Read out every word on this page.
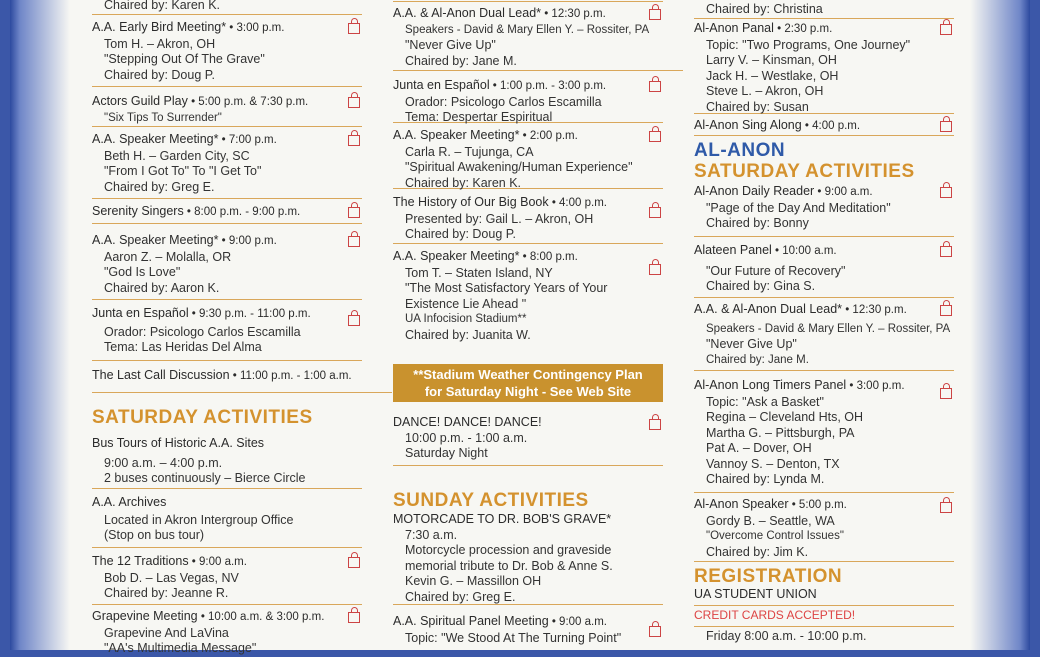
Chaired by: Karen K.
A.A. Early Bird Meeting* • 3:00 p.m.
Tom H. – Akron, OH
"Stepping Out Of The Grave"
Chaired by: Doug P.
Actors Guild Play • 5:00 p.m. & 7:30 p.m.
"Six Tips To Surrender"
A.A. Speaker Meeting* • 7:00 p.m.
Beth H. – Garden City, SC
"From I Got To" To "I Get To"
Chaired by: Greg E.
Serenity Singers • 8:00 p.m. - 9:00 p.m.
A.A. Speaker Meeting* • 9:00 p.m.
Aaron Z. – Molalla, OR
"God Is Love"
Chaired by: Aaron K.
Junta en Español • 9:30 p.m. - 11:00 p.m.
Orador: Psicologo Carlos Escamilla
Tema: Las Heridas Del Alma
The Last Call Discussion • 11:00 p.m. - 1:00 a.m.
SATURDAY ACTIVITIES
Bus Tours of Historic A.A. Sites
9:00 a.m. – 4:00 p.m.
2 buses continuously – Bierce Circle
A.A. Archives
Located in Akron Intergroup Office
(Stop on bus tour)
The 12 Traditions • 9:00 a.m.
Bob D. – Las Vegas, NV
Chaired by: Jeanne R.
Grapevine Meeting • 10:00 a.m. & 3:00 p.m.
Grapevine And LaVina
"AA's Multimedia Message"
A.A. & Al-Anon Dual Lead* • 12:30 p.m.
Speakers - David & Mary Ellen Y. – Rossiter, PA
"Never Give Up"
Chaired by: Jane M.
Junta en Español • 1:00 p.m. - 3:00 p.m.
Orador: Psicologo Carlos Escamilla
Tema: Despertar Espiritual
A.A. Speaker Meeting* • 2:00 p.m.
Carla R. – Tujunga, CA
"Spiritual Awakening/Human Experience"
Chaired by: Karen K.
The History of Our Big Book • 4:00 p.m.
Presented by: Gail L. – Akron, OH
Chaired by: Doug P.
A.A. Speaker Meeting* • 8:00 p.m.
Tom T. – Staten Island, NY
"The Most Satisfactory Years of Your
Existence Lie Ahead "
UA Infocision Stadium**
Chaired by: Juanita W.
**Stadium Weather Contingency Plan
for Saturday Night - See Web Site
DANCE! DANCE! DANCE!
10:00 p.m. - 1:00 a.m.
Saturday Night
SUNDAY ACTIVITIES
MOTORCADE TO DR. BOB'S GRAVE*
7:30 a.m.
Motorcycle procession and graveside
memorial tribute to Dr. Bob & Anne S.
Kevin G. – Massillon OH
Chaired by: Greg E.
A.A. Spiritual Panel Meeting • 9:00 a.m.
Topic: "We Stood At The Turning Point"
Chaired by: Christina
Al-Anon Panal • 2:30 p.m.
Topic: "Two Programs, One Journey"
Larry V. – Kinsman, OH
Jack H. – Westlake, OH
Steve L. – Akron, OH
Chaired by: Susan
Al-Anon Sing Along • 4:00 p.m.
AL-ANON
SATURDAY ACTIVITIES
Al-Anon Daily Reader • 9:00 a.m.
"Page of the Day And Meditation"
Chaired by: Bonny
Alateen Panel • 10:00 a.m.
"Our Future of Recovery"
Chaired by: Gina S.
A.A. & Al-Anon Dual Lead* • 12:30 p.m.
Speakers - David & Mary Ellen Y. – Rossiter, PA
"Never Give Up"
Chaired by: Jane M.
Al-Anon Long Timers Panel • 3:00 p.m.
Topic: "Ask a Basket"
Regina – Cleveland Hts, OH
Martha G. – Pittsburgh, PA
Pat A. – Dover, OH
Vannoy S. – Denton, TX
Chaired by: Lynda M.
Al-Anon Speaker • 5:00 p.m.
Gordy B. – Seattle, WA
"Overcome Control Issues"
Chaired by: Jim K.
REGISTRATION
UA STUDENT UNION
CREDIT CARDS ACCEPTED!
Friday 8:00 a.m. - 10:00 p.m.
